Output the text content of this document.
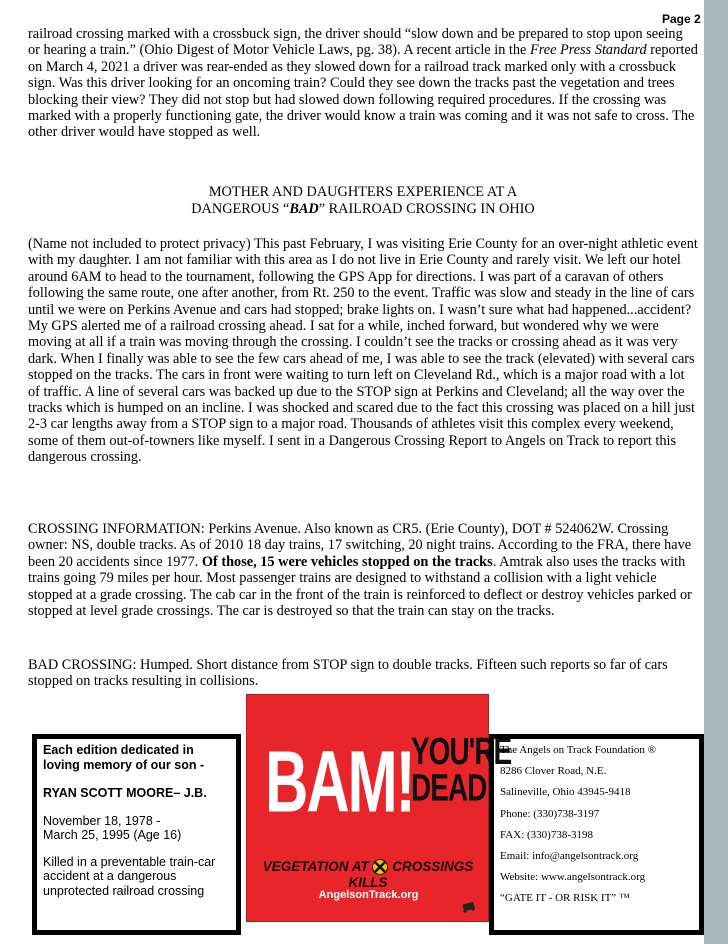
Page 2

railroad crossing marked with a crossbuck sign, the driver should “slow down and be prepared to stop upon seeing or hearing a train.” (Ohio Digest of Motor Vehicle Laws, pg. 38). A recent article in the Free Press Standard reported on March 4, 2021 a driver was rear-ended as they slowed down for a railroad track marked only with a crossbuck sign. Was this driver looking for an oncoming train? Could they see down the tracks past the vegetation and trees blocking their view? They did not stop but had slowed down following required procedures. If the crossing was marked with a properly functioning gate, the driver would know a train was coming and it was not safe to cross. The other driver would have stopped as well.

MOTHER AND DAUGHTERS EXPERIENCE AT A
DANGEROUS “BAD” RAILROAD CROSSING IN OHIO

(Name not included to protect privacy) This past February, I was visiting Erie County for an over-night athletic event with my daughter. I am not familiar with this area as I do not live in Erie County and rarely visit. We left our hotel around 6AM to head to the tournament, following the GPS App for directions. I was part of a caravan of others following the same route, one after another, from Rt. 250 to the event. Traffic was slow and steady in the line of cars until we were on Perkins Avenue and cars had stopped; brake lights on. I wasn’t sure what had happened...accident? My GPS alerted me of a railroad crossing ahead. I sat for a while, inched forward, but wondered why we were moving at all if a train was moving through the crossing. I couldn’t see the tracks or crossing ahead as it was very dark. When I finally was able to see the few cars ahead of me, I was able to see the track (elevated) with several cars stopped on the tracks. The cars in front were waiting to turn left on Cleveland Rd., which is a major road with a lot of traffic. A line of several cars was backed up due to the STOP sign at Perkins and Cleveland; all the way over the tracks which is humped on an incline. I was shocked and scared due to the fact this crossing was placed on a hill just 2-3 car lengths away from a STOP sign to a major road. Thousands of athletes visit this complex every weekend, some of them out-of-towners like myself. I sent in a Dangerous Crossing Report to Angels on Track to report this dangerous crossing.

CROSSING INFORMATION: Perkins Avenue. Also known as CR5. (Erie County), DOT # 524062W. Crossing owner: NS, double tracks. As of 2010 18 day trains, 17 switching, 20 night trains. According to the FRA, there have been 20 accidents since 1977. Of those, 15 were vehicles stopped on the tracks. Amtrak also uses the tracks with trains going 79 miles per hour. Most passenger trains are designed to withstand a collision with a light vehicle stopped at a grade crossing. The cab car in the front of the train is reinforced to deflect or destroy vehicles parked or stopped at level grade crossings. The car is destroyed so that the train can stay on the tracks.

BAD CROSSING: Humped. Short distance from STOP sign to double tracks. Fifteen such reports so far of cars stopped on tracks resulting in collisions.

Each edition dedicated in
loving memory of our son -
RYAN SCOTT MOORE– J.B.
November 18, 1978 -
March 25, 1995 (Age 16)
Killed in a preventable train-car
accident at a dangerous
unprotected railroad crossing
BAM!
YOU'RE
DEAD
VEGETATION AT CROSSINGS KILLS
AngelsonTrack.org
The Angels on Track Foundation ®
8286 Clover Road, N.E.
Salineville, Ohio 43945-9418
Phone: (330)738-3197
FAX: (330)738-3198
Email: info@angelsontrack.org
Website: www.angelsontrack.org
“GATE IT - OR RISK IT” ™
